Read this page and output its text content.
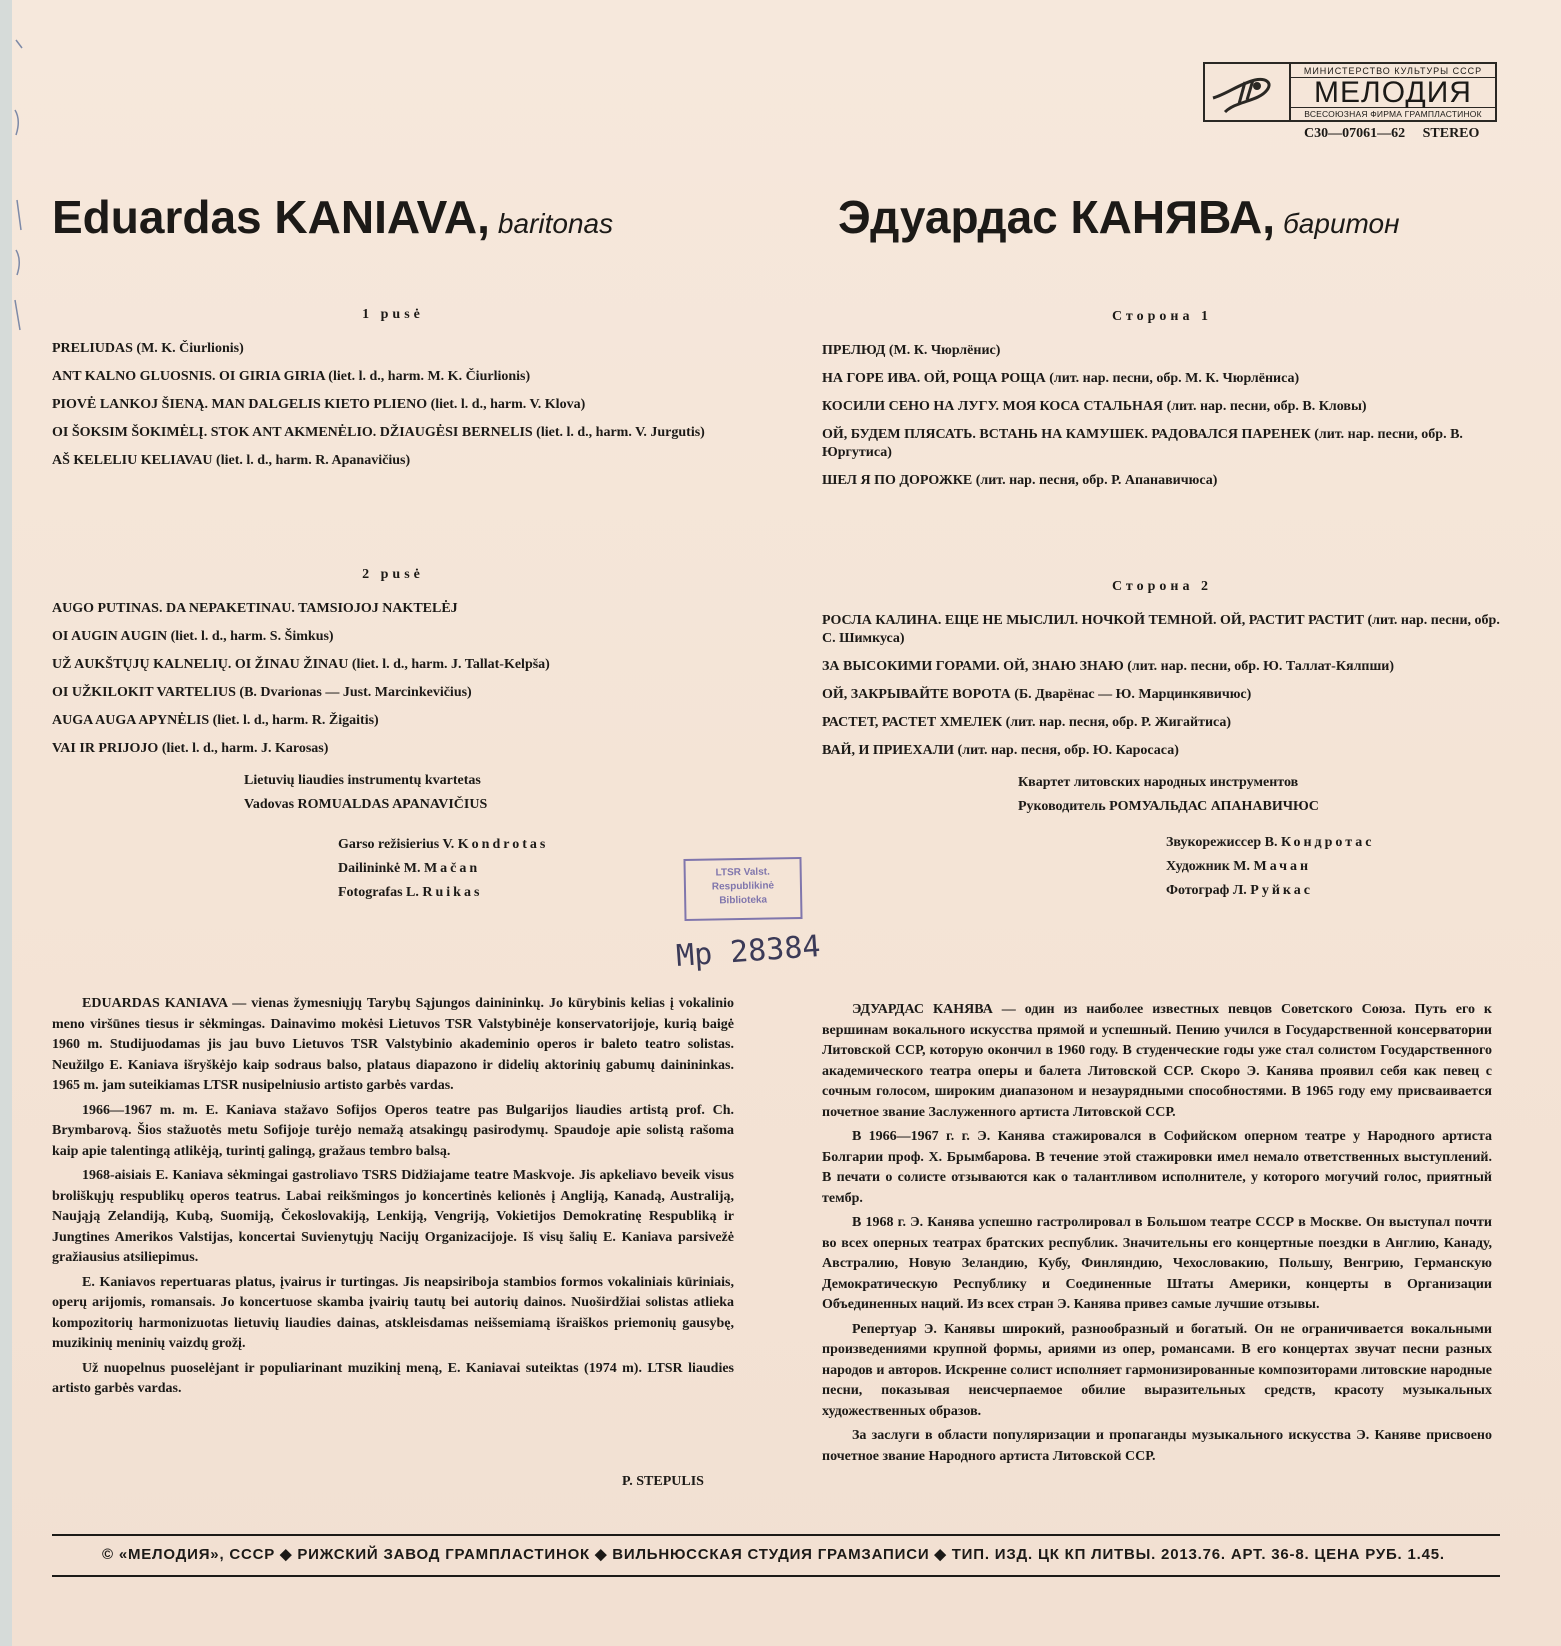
МИНИСТЕРСТВО КУЛЬТУРЫ СССР
МЕЛОДИЯ
ВСЕСОЮЗНАЯ ФИРМА ГРАМПЛАСТИНОК
С30—07061—62 STEREO
Eduardas KANIAVA, baritonas	Эдуардас КАНЯВА, баритон
1 pusė
PRELIUDAS (M. K. Čiurlionis)
ANT KALNO GLUOSNIS. OI GIRIA GIRIA (liet. l. d., harm. M. K. Čiurlionis)
PIOVĖ LANKOJ ŠIENĄ. MAN DALGELIS KIETO PLIENO (liet. l. d., harm. V. Klova)
OI ŠOKSIM ŠOKIMĖLĮ. STOK ANT AKMENĖLIO. DŽIAUGĖSI BERNELIS (liet. l. d., harm. V. Jurgutis)
AŠ KELELIU KELIAVAU (liet. l. d., harm. R. Apanavičius)
Сторона 1
ПРЕЛЮД (М. К. Чюрлёнис)
НА ГОРЕ ИВА. ОЙ, РОЩА РОЩА (лит. нар. песни, обр. М. К. Чюрлёниса)
КОСИЛИ СЕНО НА ЛУГУ. МОЯ КОСА СТАЛЬНАЯ (лит. нар. песни, обр. В. Кловы)
ОЙ, БУДЕМ ПЛЯСАТЬ. ВСТАНЬ НА КАМУШЕК. РАДОВАЛСЯ ПАРЕНЕК (лит. нар. песни, обр. В. Юргутиса)
ШЕЛ Я ПО ДОРОЖКЕ (лит. нар. песня, обр. Р. Апанавичюса)
2 pusė
AUGO PUTINAS. DA NEPAKETINAU. TAMSIOJOJ NAKTELĖJ
OI AUGIN AUGIN (liet. l. d., harm. S. Šimkus)
UŽ AUKŠTŲJŲ KALNELIŲ. OI ŽINAU ŽINAU (liet. l. d., harm. J. Tallat-Kelpša)
OI UŽKILOKIT VARTELIUS (B. Dvarionas — Just. Marcinkevičius)
AUGA AUGA APYNĖLIS (liet. l. d., harm. R. Žigaitis)
VAI IR PRIJOJO (liet. l. d., harm. J. Karosas)
Lietuvių liaudies instrumentų kvartetas
Vadovas ROMUALDAS APANAVIČIUS
Garso režisierius V. Kondrotas
Dailininkė M. Mačan
Fotografas L. Ruikas
Сторона 2
РОСЛА КАЛИНА. ЕЩЕ НЕ МЫСЛИЛ. НОЧКОЙ ТЕМНОЙ. ОЙ, РАСТИТ РАСТИТ (лит. нар. песни, обр. С. Шимкуса)
ЗА ВЫСОКИМИ ГОРАМИ. ОЙ, ЗНАЮ ЗНАЮ (лит. нар. песни, обр. Ю. Таллат-Кялпши)
ОЙ, ЗАКРЫВАЙТЕ ВОРОТА (Б. Дварёнас — Ю. Марцинкявичюс)
РАСТЕТ, РАСТЕТ ХМЕЛЕК (лит. нар. песня, обр. Р. Жигайтиса)
ВАЙ, И ПРИЕХАЛИ (лит. нар. песня, обр. Ю. Каросаса)
Квартет литовских народных инструментов
Руководитель РОМУАЛЬДАС АПАНАВИЧЮС
Звукорежиссер В. Кондротас
Художник М. Мачан
Фотограф Л. Руйкас
LTSR Valst.
Respublikinė
Biblioteka
Мр 28384

EDUARDAS KANIAVA — vienas žymesniųjų Tarybų Sąjungos dainininkų. Jo kūrybinis kelias į vokalinio meno viršūnes tiesus ir sėkmingas. Dainavimo mokėsi Lietuvos TSR Valstybinėje konservatorijoje, kurią baigė 1960 m. Studijuodamas jis jau buvo Lietuvos TSR Valstybinio akademinio operos ir baleto teatro solistas. Neužilgo E. Kaniava išryškėjo kaip sodraus balso, plataus diapazono ir didelių aktorinių gabumų dainininkas. 1965 m. jam suteikiamas LTSR nusipelniusio artisto garbės vardas.

1966—1967 m. m. E. Kaniava stažavo Sofijos Operos teatre pas Bulgarijos liaudies artistą prof. Ch. Brymbarovą. Šios stažuotės metu Sofijoje turėjo nemažą atsakingų pasirodymų. Spaudoje apie solistą rašoma kaip apie talentingą atlikėją, turintį galingą, gražaus tembro balsą.

1968-aisiais E. Kaniava sėkmingai gastroliavo TSRS Didžiajame teatre Maskvoje. Jis apkeliavo beveik visus broliškųjų respublikų operos teatrus. Labai reikšmingos jo koncertinės kelionės į Angliją, Kanadą, Australiją, Naująją Zelandiją, Kubą, Suomiją, Čekoslovakiją, Lenkiją, Vengriją, Vokietijos Demokratinę Respubliką ir Jungtines Amerikos Valstijas, koncertai Suvienytųjų Nacijų Organizacijoje. Iš visų šalių E. Kaniava parsivežė gražiausius atsiliepimus.

E. Kaniavos repertuaras platus, įvairus ir turtingas. Jis neapsiriboja stambios formos vokaliniais kūriniais, operų arijomis, romansais. Jo koncertuose skamba įvairių tautų bei autorių dainos. Nuoširdžiai solistas atlieka kompozitorių harmonizuotas lietuvių liaudies dainas, atskleisdamas neišsemiamą išraiškos priemonių gausybę, muzikinių meninių vaizdų grožį.

Už nuopelnus puoselėjant ir populiarinant muzikinį meną, E. Kaniavai suteiktas (1974 m). LTSR liaudies artisto garbės vardas.

P. STEPULIS

ЭДУАРДАС КАНЯВА — один из наиболее известных певцов Советского Союза. Путь его к вершинам вокального искусства прямой и успешный. Пению учился в Государственной консерватории Литовской ССР, которую окончил в 1960 году. В студенческие годы уже стал солистом Государственного академического театра оперы и балета Литовской ССР. Скоро Э. Канява проявил себя как певец с сочным голосом, широким диапазоном и незаурядными способностями. В 1965 году ему присваивается почетное звание Заслуженного артиста Литовской ССР.

В 1966—1967 г. г. Э. Канява стажировался в Софийском оперном театре у Народного артиста Болгарии проф. Х. Брымбарова. В течение этой стажировки имел немало ответственных выступлений. В печати о солисте отзываются как о талантливом исполнителе, у которого могучий голос, приятный тембр.

В 1968 г. Э. Канява успешно гастролировал в Большом театре СССР в Москве. Он выступал почти во всех оперных театрах братских республик. Значительны его концертные поездки в Англию, Канаду, Австралию, Новую Зеландию, Кубу, Финляндию, Чехословакию, Польшу, Венгрию, Германскую Демократическую Республику и Соединенные Штаты Америки, концерты в Организации Объединенных наций. Из всех стран Э. Канява привез самые лучшие отзывы.

Репертуар Э. Канявы широкий, разнообразный и богатый. Он не ограничивается вокальными произведениями крупной формы, ариями из опер, романсами. В его концертах звучат песни разных народов и авторов. Искренне солист исполняет гармонизированные композиторами литовские народные песни, показывая неисчерпаемое обилие выразительных средств, красоту музыкальных художественных образов.

За заслуги в области популяризации и пропаганды музыкального искусства Э. Каняве присвоено почетное звание Народного артиста Литовской ССР.

© «МЕЛОДИЯ», СССР ◆ РИЖСКИЙ ЗАВОД ГРАМПЛАСТИНОК ◆ ВИЛЬНЮССКАЯ СТУДИЯ ГРАМЗАПИСИ ◆ ТИП. ИЗД. ЦК КП ЛИТВЫ. 2013.76. АРТ. 36-8. ЦЕНА РУБ. 1.45.
